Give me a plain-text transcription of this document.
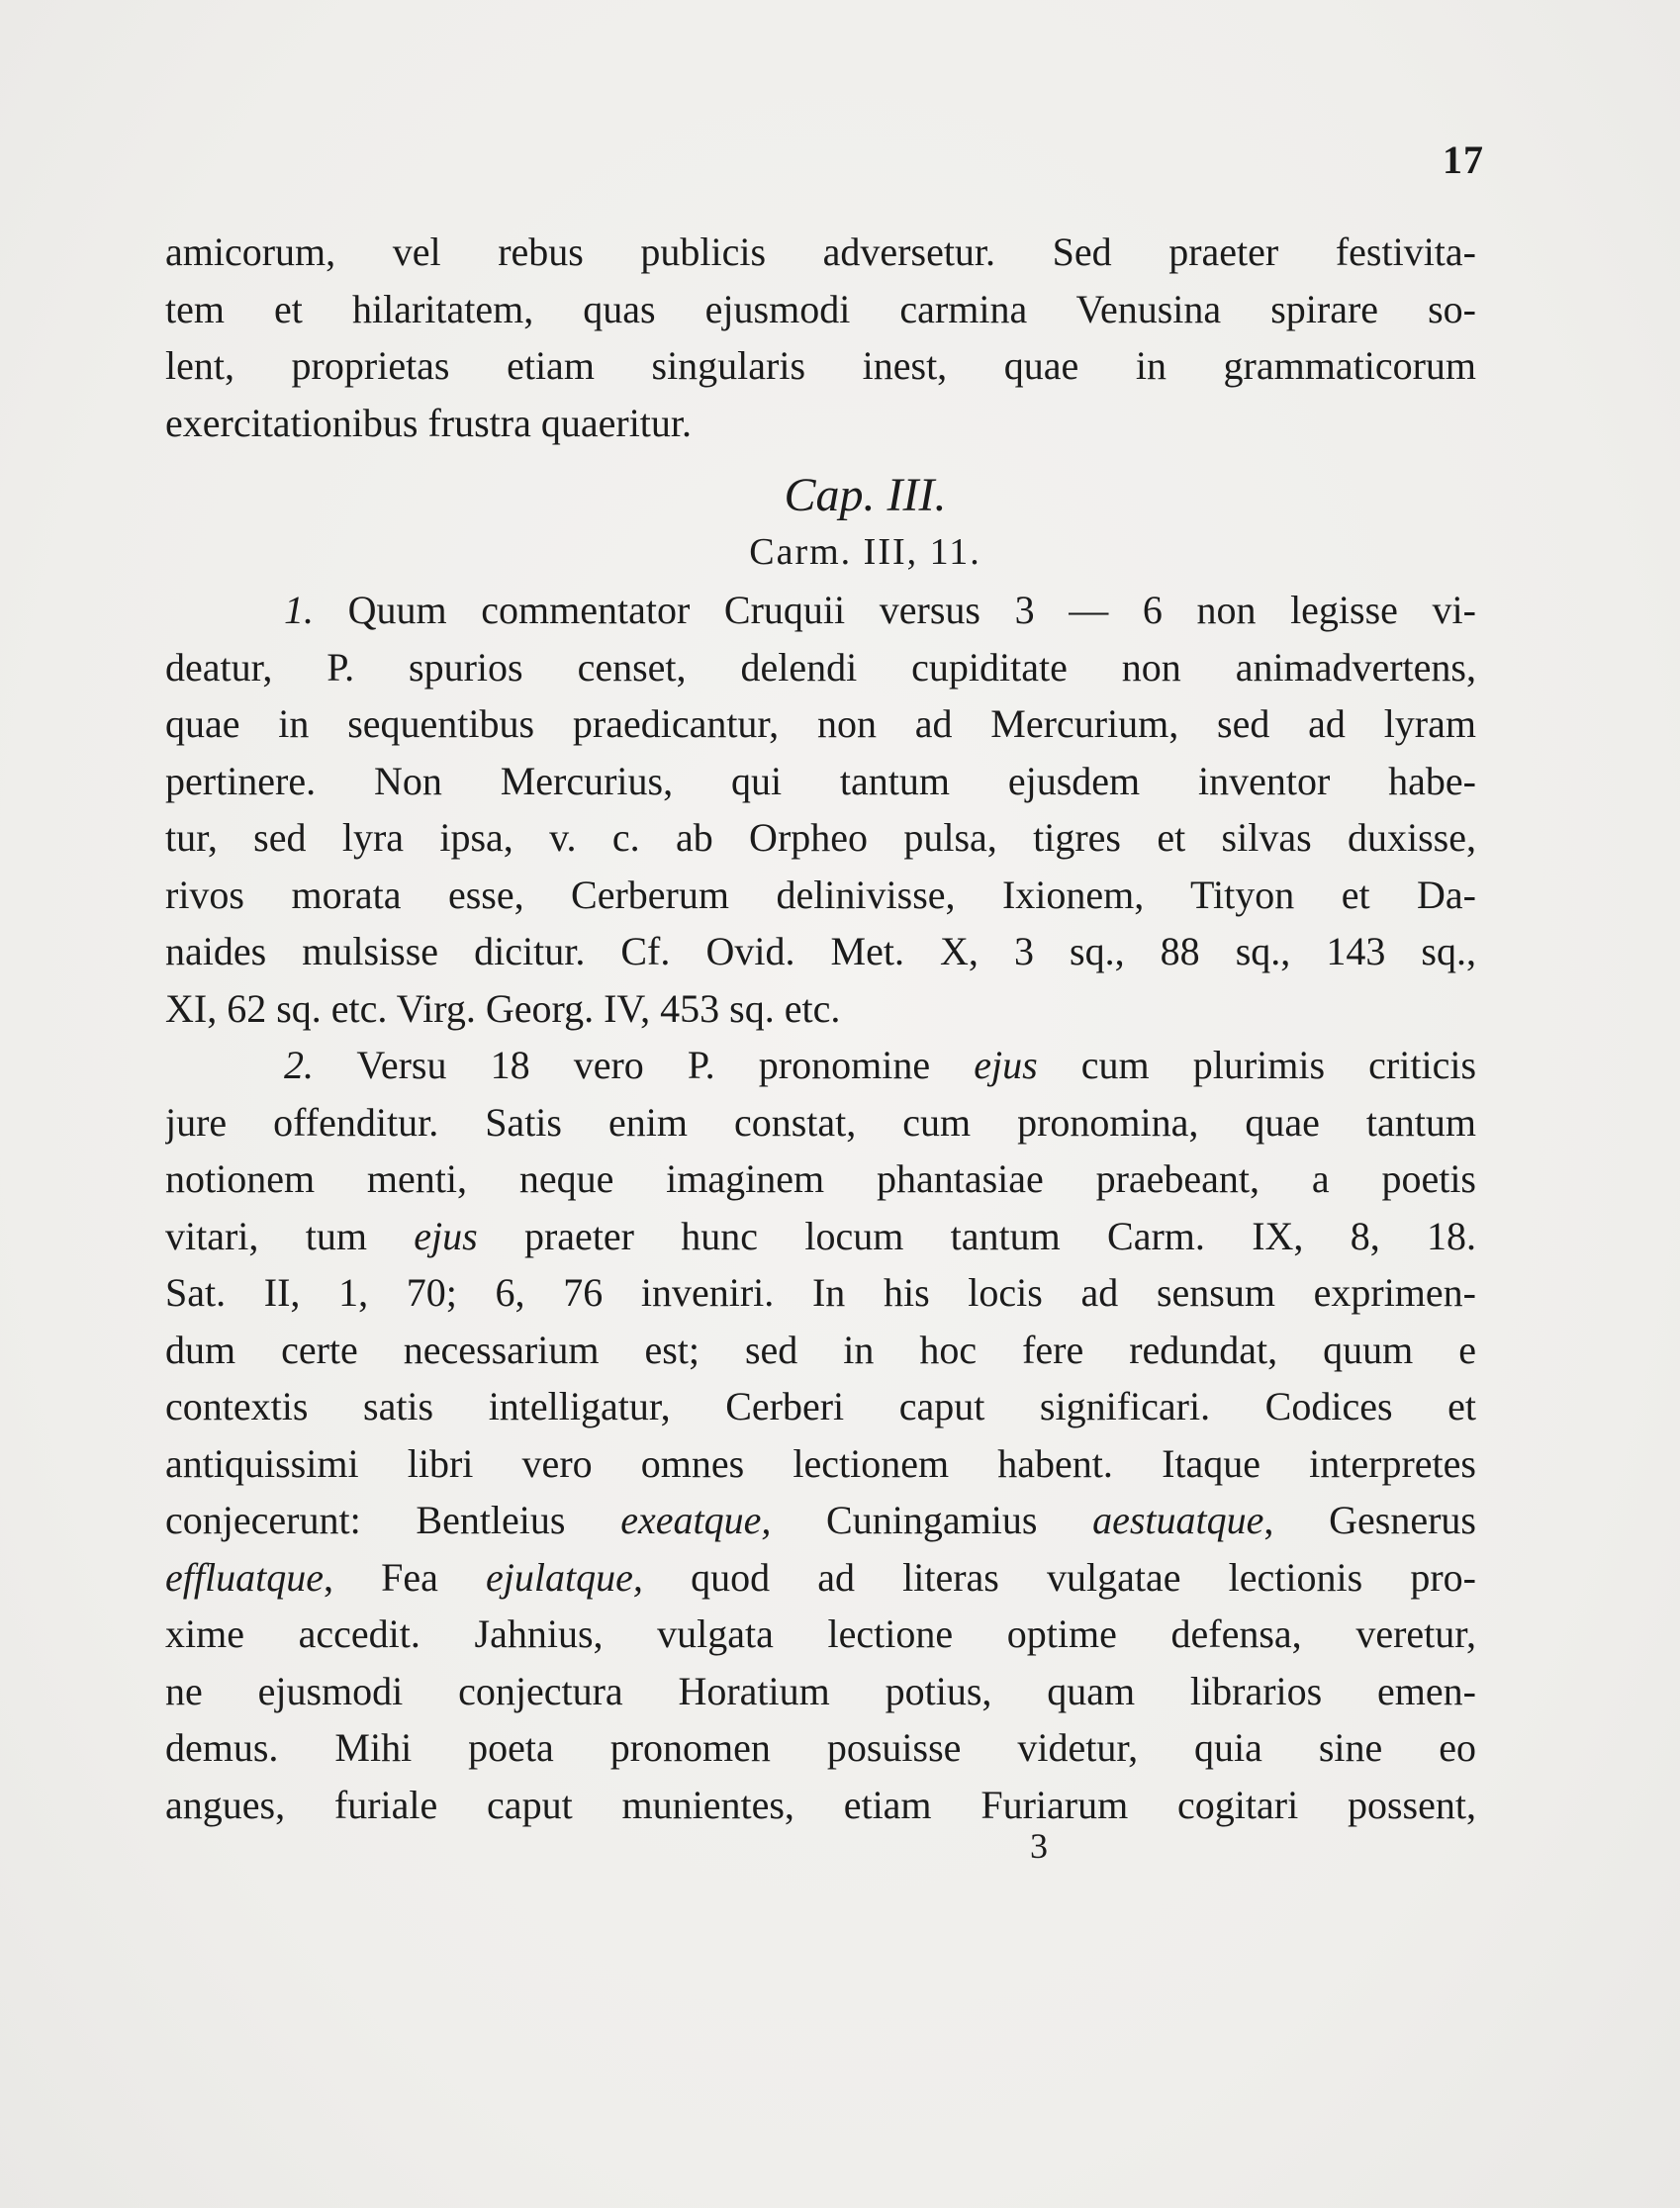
17
amicorum, vel rebus publicis adversetur. Sed praeter festivita-
tem et hilaritatem, quas ejusmodi carmina Venusina spirare so-
lent, proprietas etiam singularis inest, quae in grammaticorum
exercitationibus frustra quaeritur.
Cap. III.
Carm. III, 11.
1. Quum commentator Cruquii versus 3 — 6 non legisse vi-
deatur, P. spurios censet, delendi cupiditate non animadvertens,
quae in sequentibus praedicantur, non ad Mercurium, sed ad lyram
pertinere. Non Mercurius, qui tantum ejusdem inventor habe-
tur, sed lyra ipsa, v. c. ab Orpheo pulsa, tigres et silvas duxisse,
rivos morata esse, Cerberum delinivisse, Ixionem, Tityon et Da-
naides mulsisse dicitur. Cf. Ovid. Met. X, 3 sq., 88 sq., 143 sq.,
XI, 62 sq. etc. Virg. Georg. IV, 453 sq. etc.
2. Versu 18 vero P. pronomine ejus cum plurimis criticis
jure offenditur. Satis enim constat, cum pronomina, quae tantum
notionem menti, neque imaginem phantasiae praebeant, a poetis
vitari, tum ejus praeter hunc locum tantum Carm. IX, 8, 18.
Sat. II, 1, 70; 6, 76 inveniri. In his locis ad sensum exprimen-
dum certe necessarium est; sed in hoc fere redundat, quum e
contextis satis intelligatur, Cerberi caput significari. Codices et
antiquissimi libri vero omnes lectionem habent. Itaque interpretes
conjecerunt: Bentleius exeatque, Cuningamius aestuatque, Gesnerus
effluatque, Fea ejulatque, quod ad literas vulgatae lectionis pro-
xime accedit. Jahnius, vulgata lectione optime defensa, veretur,
ne ejusmodi conjectura Horatium potius, quam librarios emen-
demus. Mihi poeta pronomen posuisse videtur, quia sine eo
angues, furiale caput munientes, etiam Furiarum cogitari possent,
3
